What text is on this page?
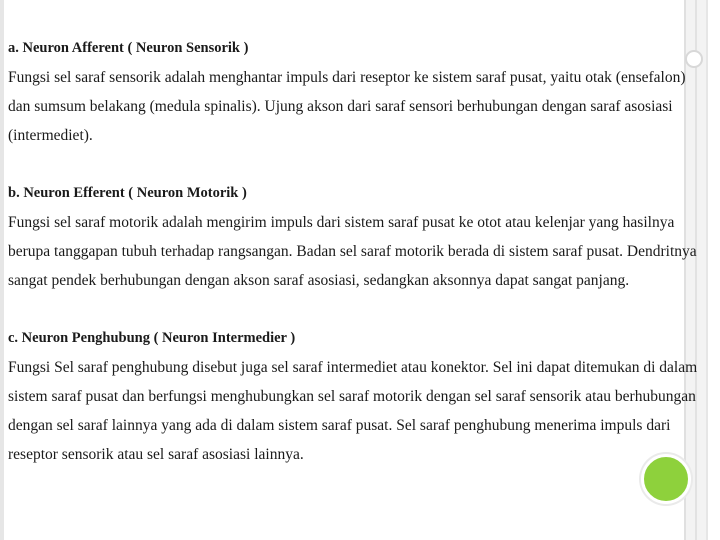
a. Neuron Afferent ( Neuron Sensorik )

Fungsi sel saraf sensorik adalah menghantar impuls dari reseptor ke sistem saraf pusat, yaitu otak (ensefalon) dan sumsum belakang (medula spinalis). Ujung akson dari saraf sensori berhubungan dengan saraf asosiasi (intermediet).

b. Neuron Efferent ( Neuron Motorik )

Fungsi sel saraf motorik adalah mengirim impuls dari sistem saraf pusat ke otot atau kelenjar yang hasilnya berupa tanggapan tubuh terhadap rangsangan. Badan sel saraf motorik berada di sistem saraf pusat. Dendritnya sangat pendek berhubungan dengan akson saraf asosiasi, sedangkan aksonnya dapat sangat panjang.

c. Neuron Penghubung ( Neuron Intermedier )

Fungsi Sel saraf penghubung disebut juga sel saraf intermediet atau konektor. Sel ini dapat ditemukan di dalam sistem saraf pusat dan berfungsi menghubungkan sel saraf motorik dengan sel saraf sensorik atau berhubungan dengan sel saraf lainnya yang ada di dalam sistem saraf pusat. Sel saraf penghubung menerima impuls dari reseptor sensorik atau sel saraf asosiasi lainnya.
